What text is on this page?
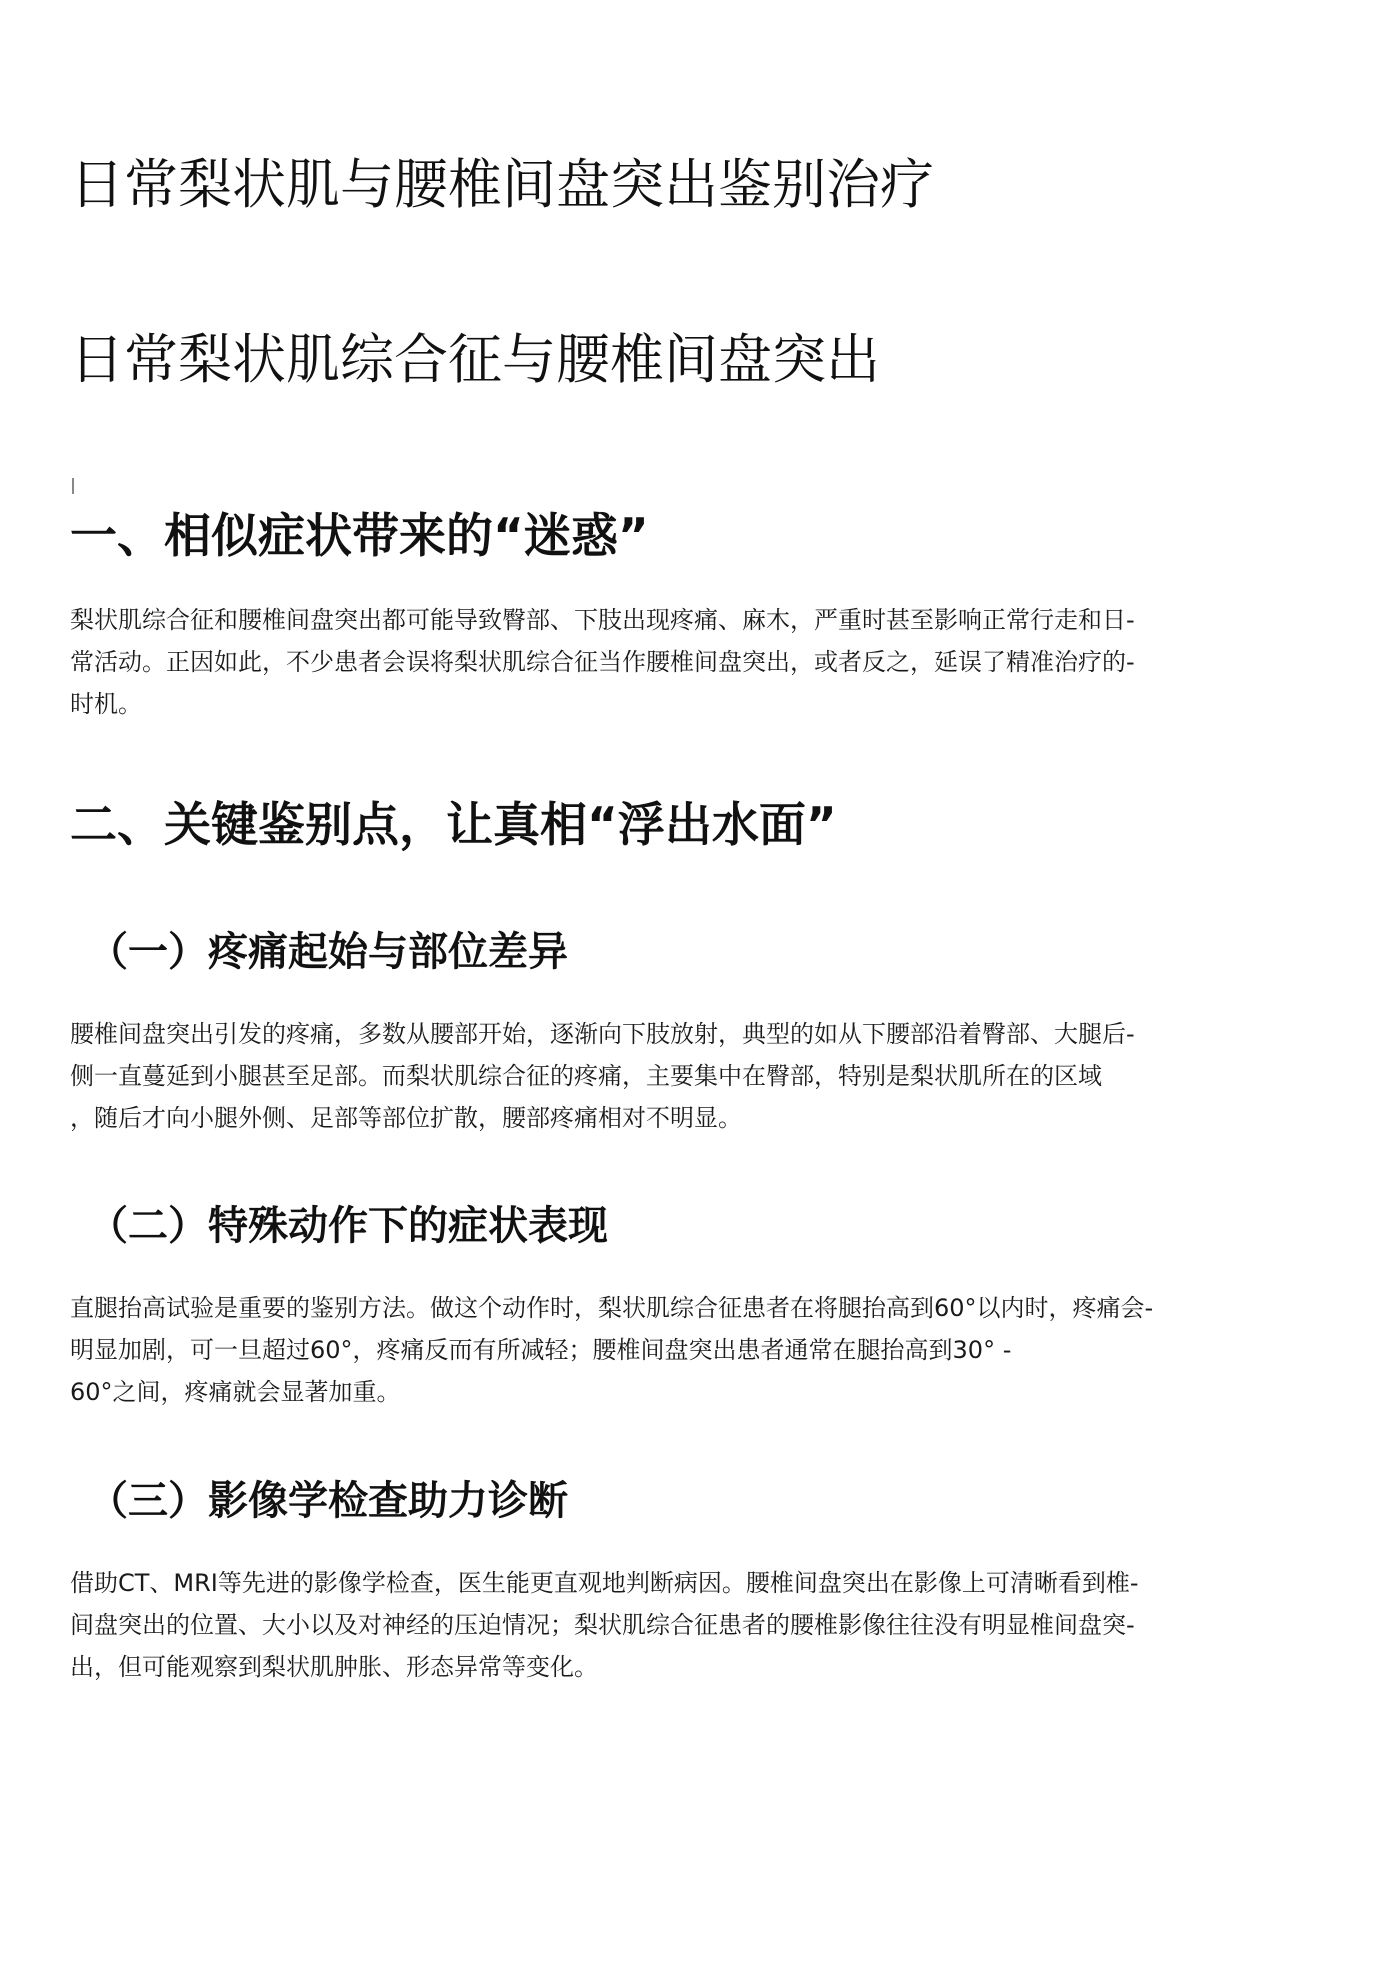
日常梨状肌与腰椎间盘突出鉴别治疗
日常梨状肌综合征与腰椎间盘突出
一、相似症状带来的“迷惑”
梨状肌综合征和腰椎间盘突出都可能导致臀部、下肢出现疼痛、麻木，严重时甚至影响正常行走和日-
常活动。正因如此，不少患者会误将梨状肌综合征当作腰椎间盘突出，或者反之，延误了精准治疗的-
时机。
二、关键鉴别点，让真相“浮出水面”
（一）疼痛起始与部位差异
腰椎间盘突出引发的疼痛，多数从腰部开始，逐渐向下肢放射，典型的如从下腰部沿着臀部、大腿后-
侧一直蔓延到小腿甚至足部。而梨状肌综合征的疼痛，主要集中在臀部，特别是梨状肌所在的区域
，随后才向小腿外侧、足部等部位扩散，腰部疼痛相对不明显。
（二）特殊动作下的症状表现
直腿抬高试验是重要的鉴别方法。做这个动作时，梨状肌综合征患者在将腿抬高到60°以内时，疼痛会-
明显加剧，可一旦超过60°，疼痛反而有所减轻；腰椎间盘突出患者通常在腿抬高到30° -
60°之间，疼痛就会显著加重。
（三）影像学检查助力诊断
借助CT、MRI等先进的影像学检查，医生能更直观地判断病因。腰椎间盘突出在影像上可清晰看到椎-
间盘突出的位置、大小以及对神经的压迫情况；梨状肌综合征患者的腰椎影像往往没有明显椎间盘突-
出，但可能观察到梨状肌肿胀、形态异常等变化。
